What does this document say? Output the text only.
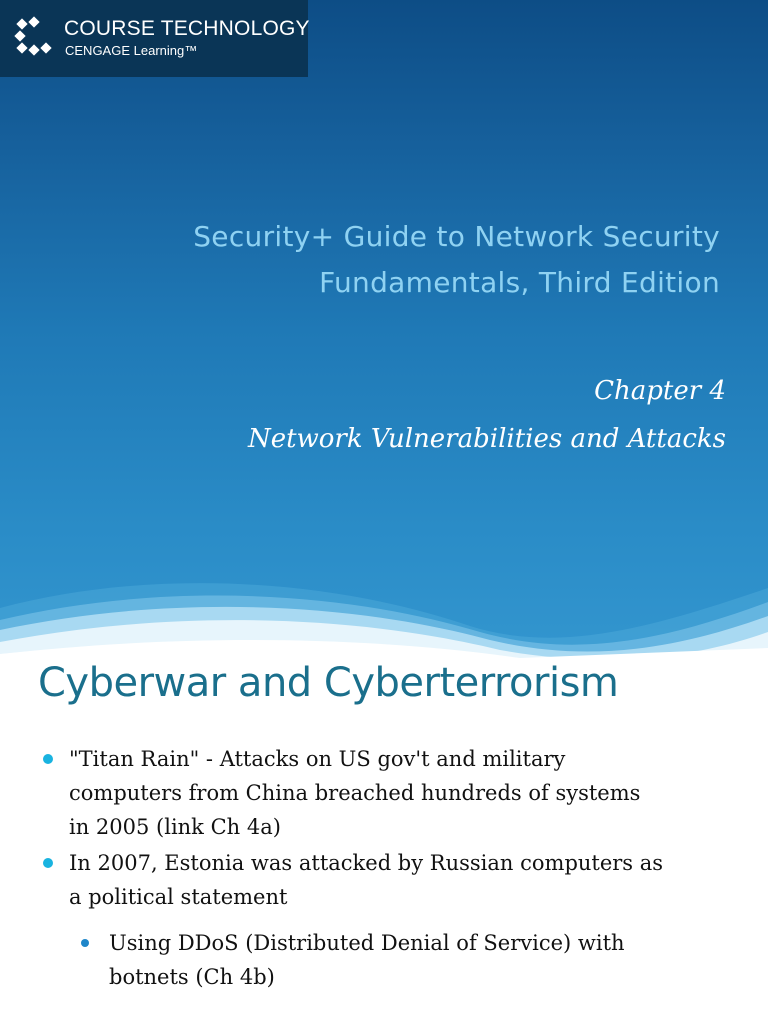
COURSE TECHNOLOGY
CENGAGE Learning™
Security+ Guide to Network Security
Fundamentals, Third Edition
Chapter 4
Network Vulnerabilities and Attacks
Cyberwar and Cyberterrorism
"Titan Rain" - Attacks on US gov't and military
computers from China breached hundreds of systems
in 2005 (link Ch 4a)
In 2007, Estonia was attacked by Russian computers as
a political statement
Using DDoS (Distributed Denial of Service) with
botnets (Ch 4b)
